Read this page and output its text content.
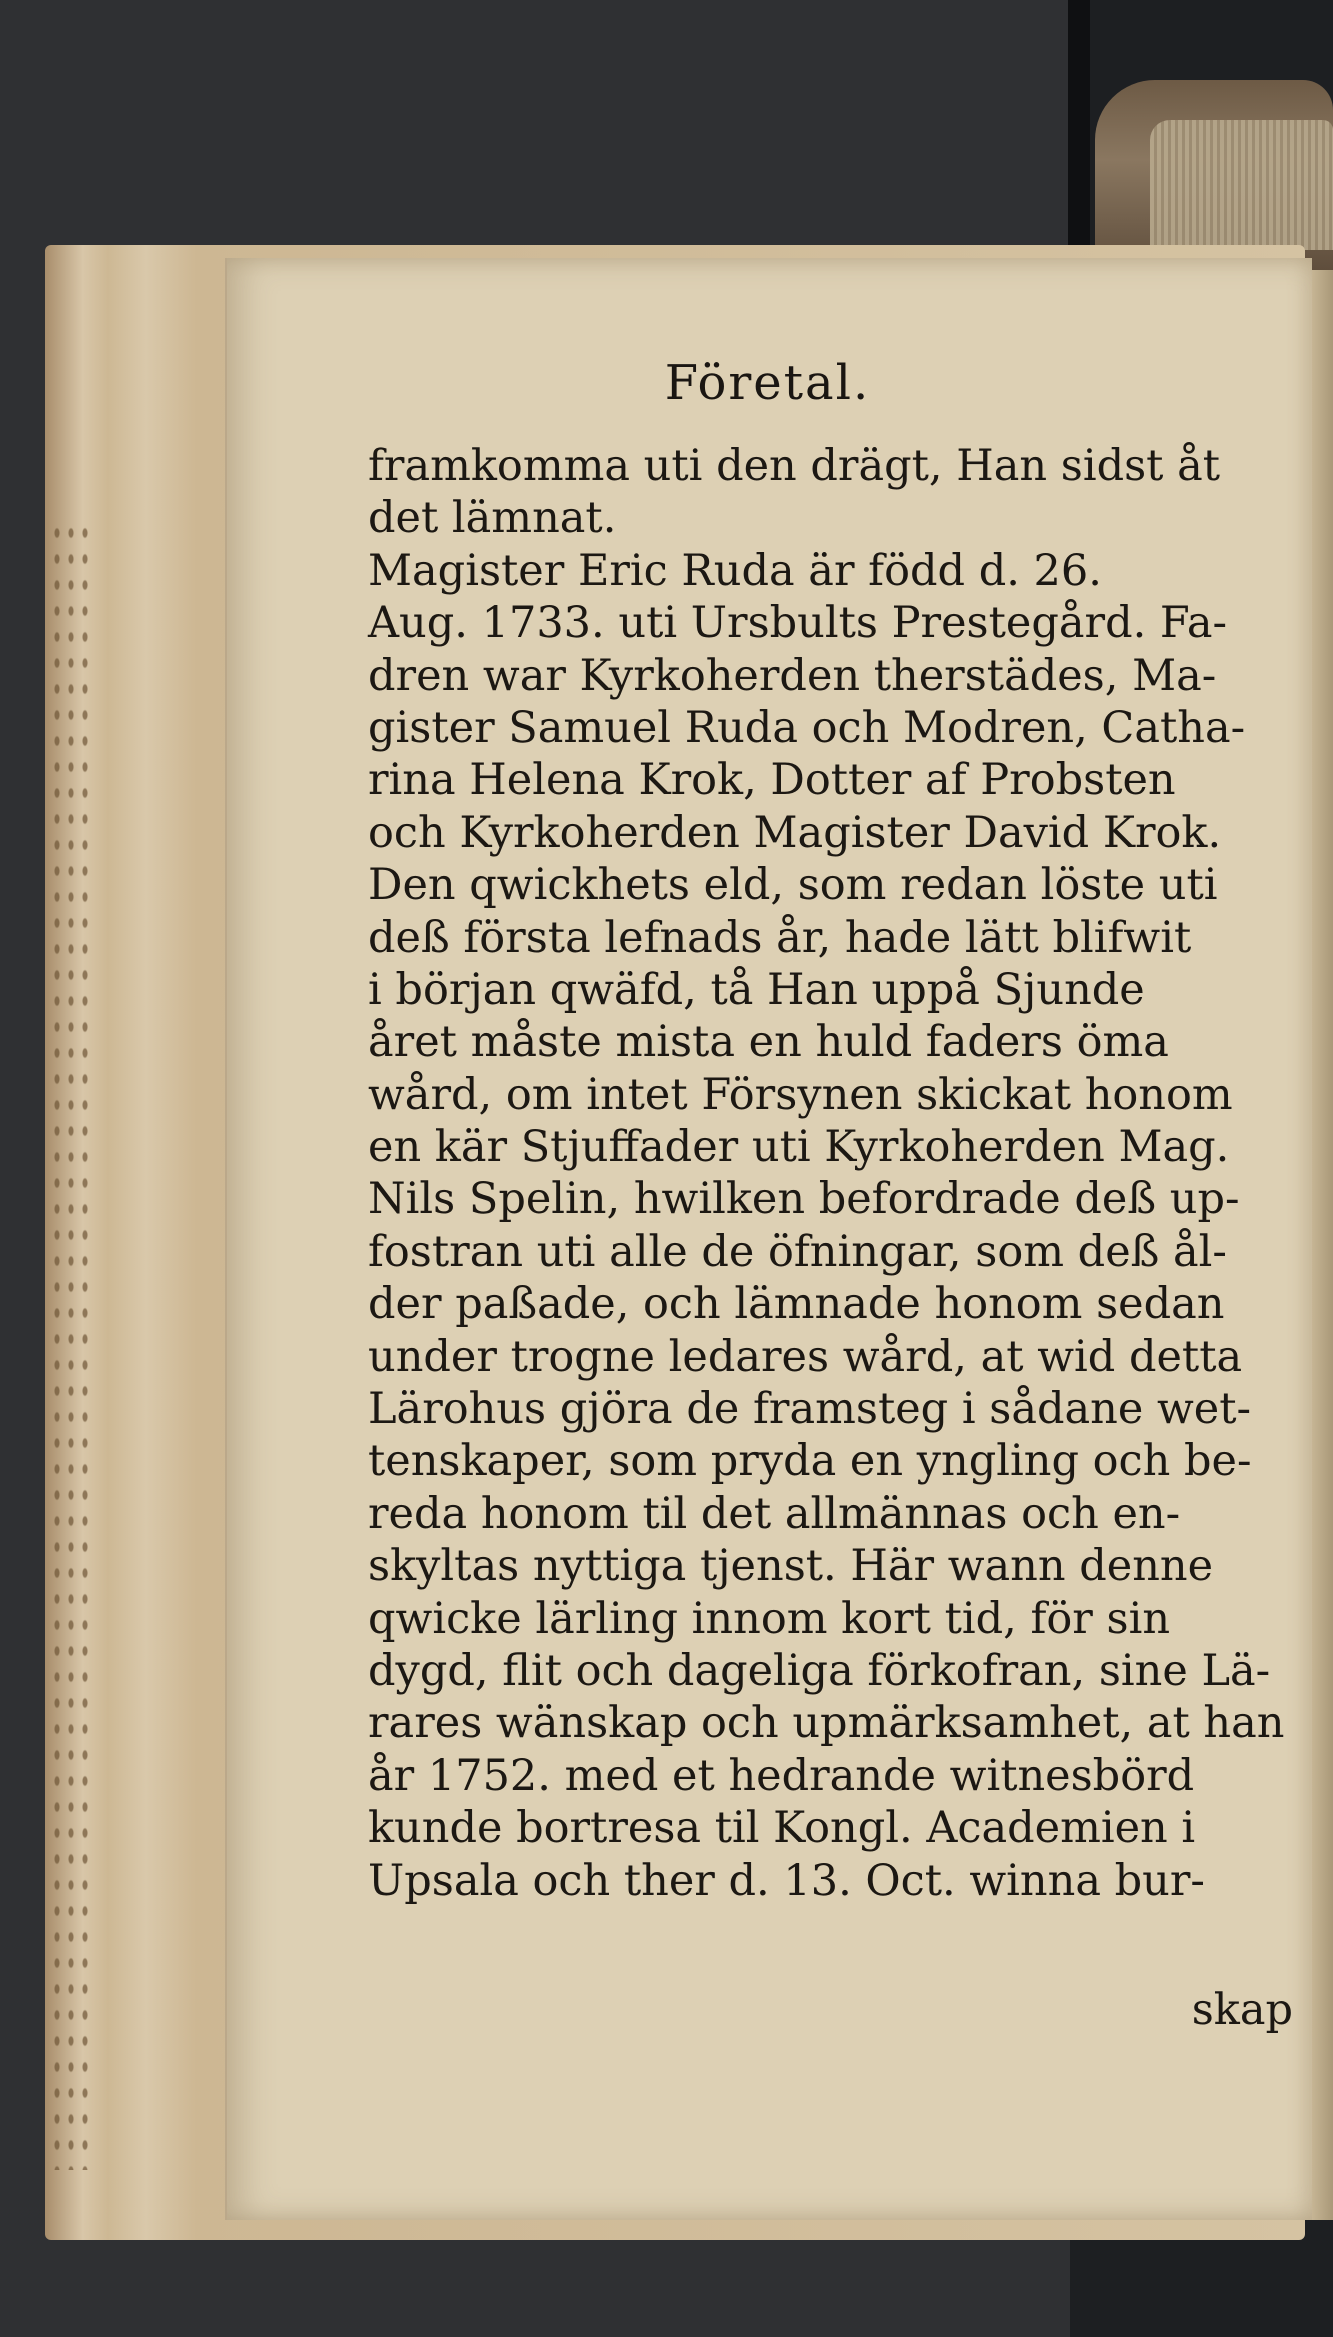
Företal.
framkomma uti den drägt, Han sidst åt
det lämnat.
Magister Eric Ruda är född d. 26.
Aug. 1733. uti Ursbults Prestegård. Fa-
dren war Kyrkoherden therstädes, Ma-
gister Samuel Ruda och Modren, Catha-
rina Helena Krok, Dotter af Probsten
och Kyrkoherden Magister David Krok.
Den qwickhets eld, som redan löste uti
deß första lefnads år, hade lätt blifwit
i början qwäfd, tå Han uppå Sjunde
året måste mista en huld faders öma
wård, om intet Försynen skickat honom
en kär Stjuffader uti Kyrkoherden Mag.
Nils Spelin, hwilken befordrade deß up-
fostran uti alle de öfningar, som deß ål-
der paßade, och lämnade honom sedan
under trogne ledares wård, at wid detta
Lärohus gjöra de framsteg i sådane wet-
tenskaper, som pryda en yngling och be-
reda honom til det allmännas och en-
skyltas nyttiga tjenst. Här wann denne
qwicke lärling innom kort tid, för sin
dygd, flit och dageliga förkofran, sine Lä-
rares wänskap och upmärksamhet, at han
år 1752. med et hedrande witnesbörd
kunde bortresa til Kongl. Academien i
Upsala och ther d. 13. Oct. winna bur-
skap
